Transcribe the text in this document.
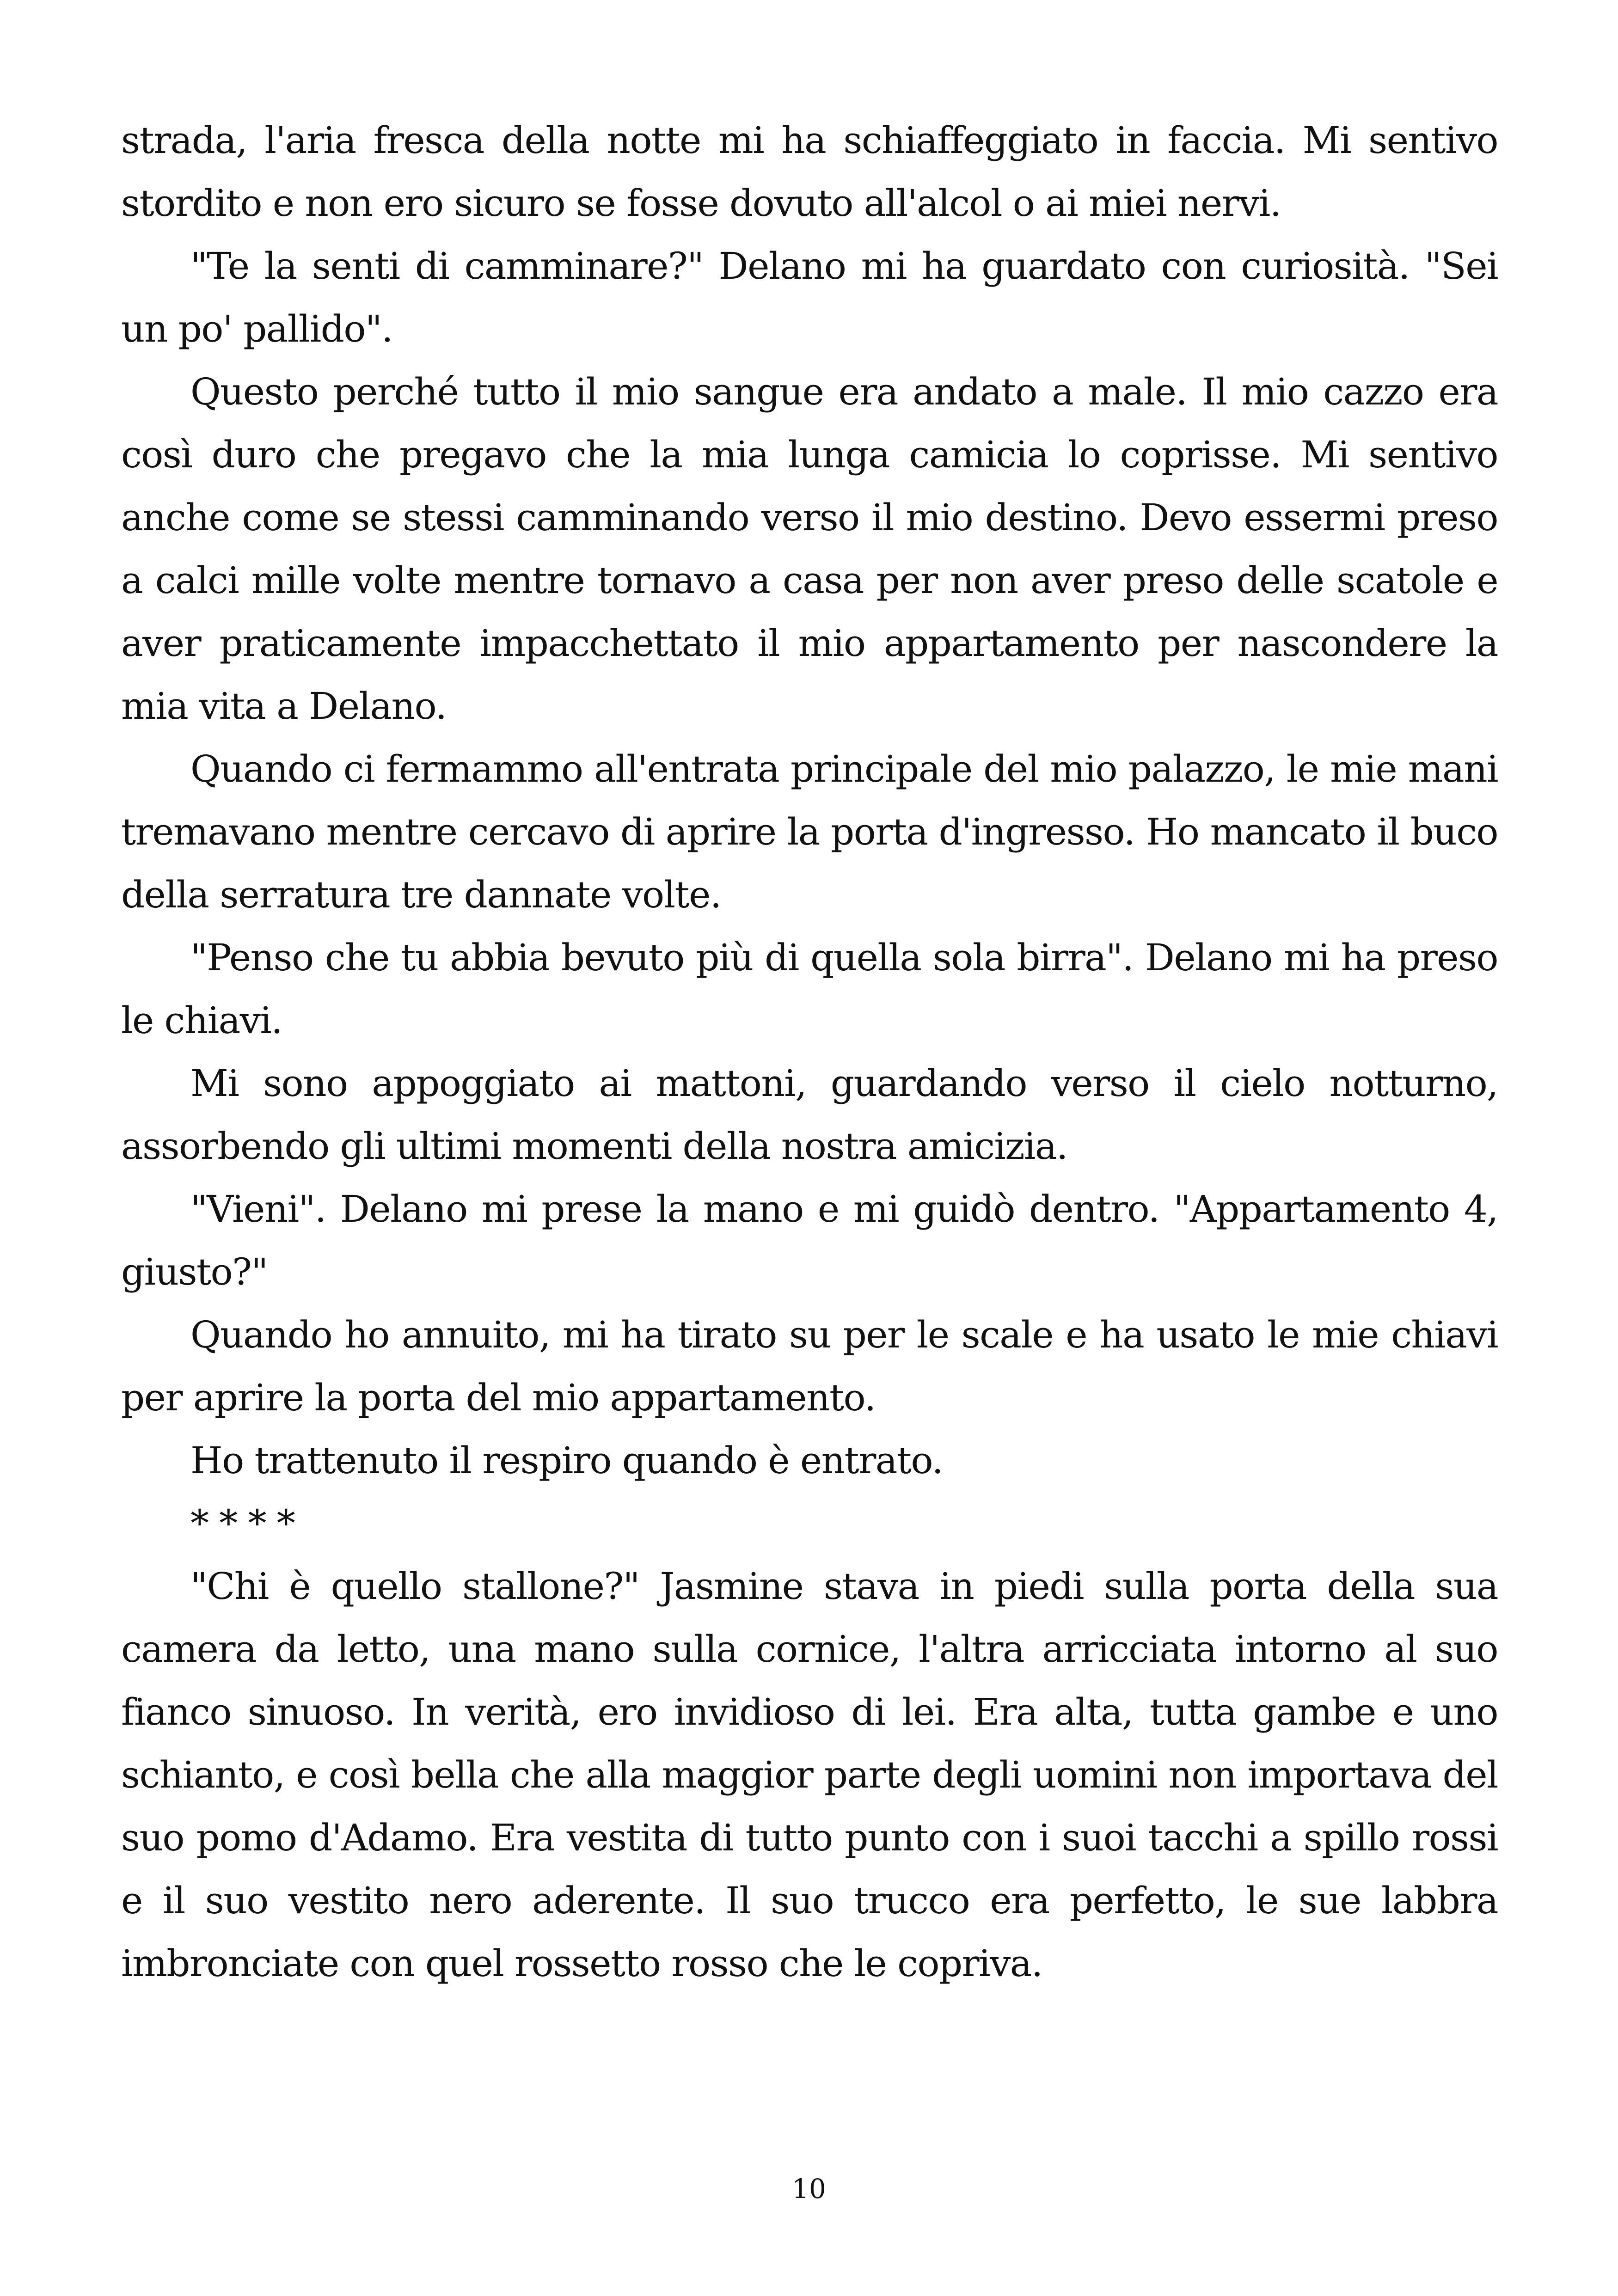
strada, l'aria fresca della notte mi ha schiaffeggiato in faccia. Mi sentivo stordito e non ero sicuro se fosse dovuto all'alcol o ai miei nervi.

"Te la senti di camminare?" Delano mi ha guardato con curiosità. "Sei un po' pallido".

Questo perché tutto il mio sangue era andato a male. Il mio cazzo era così duro che pregavo che la mia lunga camicia lo coprisse. Mi sentivo anche come se stessi camminando verso il mio destino. Devo essermi preso a calci mille volte mentre tornavo a casa per non aver preso delle scatole e aver praticamente impacchettato il mio appartamento per nascondere la mia vita a Delano.

Quando ci fermammo all'entrata principale del mio palazzo, le mie mani tremavano mentre cercavo di aprire la porta d'ingresso. Ho mancato il buco della serratura tre dannate volte.

"Penso che tu abbia bevuto più di quella sola birra". Delano mi ha preso le chiavi.

Mi sono appoggiato ai mattoni, guardando verso il cielo notturno, assorbendo gli ultimi momenti della nostra amicizia.

"Vieni". Delano mi prese la mano e mi guidò dentro. "Appartamento 4, giusto?"

Quando ho annuito, mi ha tirato su per le scale e ha usato le mie chiavi per aprire la porta del mio appartamento.

Ho trattenuto il respiro quando è entrato.

* * * *

"Chi è quello stallone?" Jasmine stava in piedi sulla porta della sua camera da letto, una mano sulla cornice, l'altra arricciata intorno al suo fianco sinuoso. In verità, ero invidioso di lei. Era alta, tutta gambe e uno schianto, e così bella che alla maggior parte degli uomini non importava del suo pomo d'Adamo. Era vestita di tutto punto con i suoi tacchi a spillo rossi e il suo vestito nero aderente. Il suo trucco era perfetto, le sue labbra imbronciate con quel rossetto rosso che le copriva.

10
